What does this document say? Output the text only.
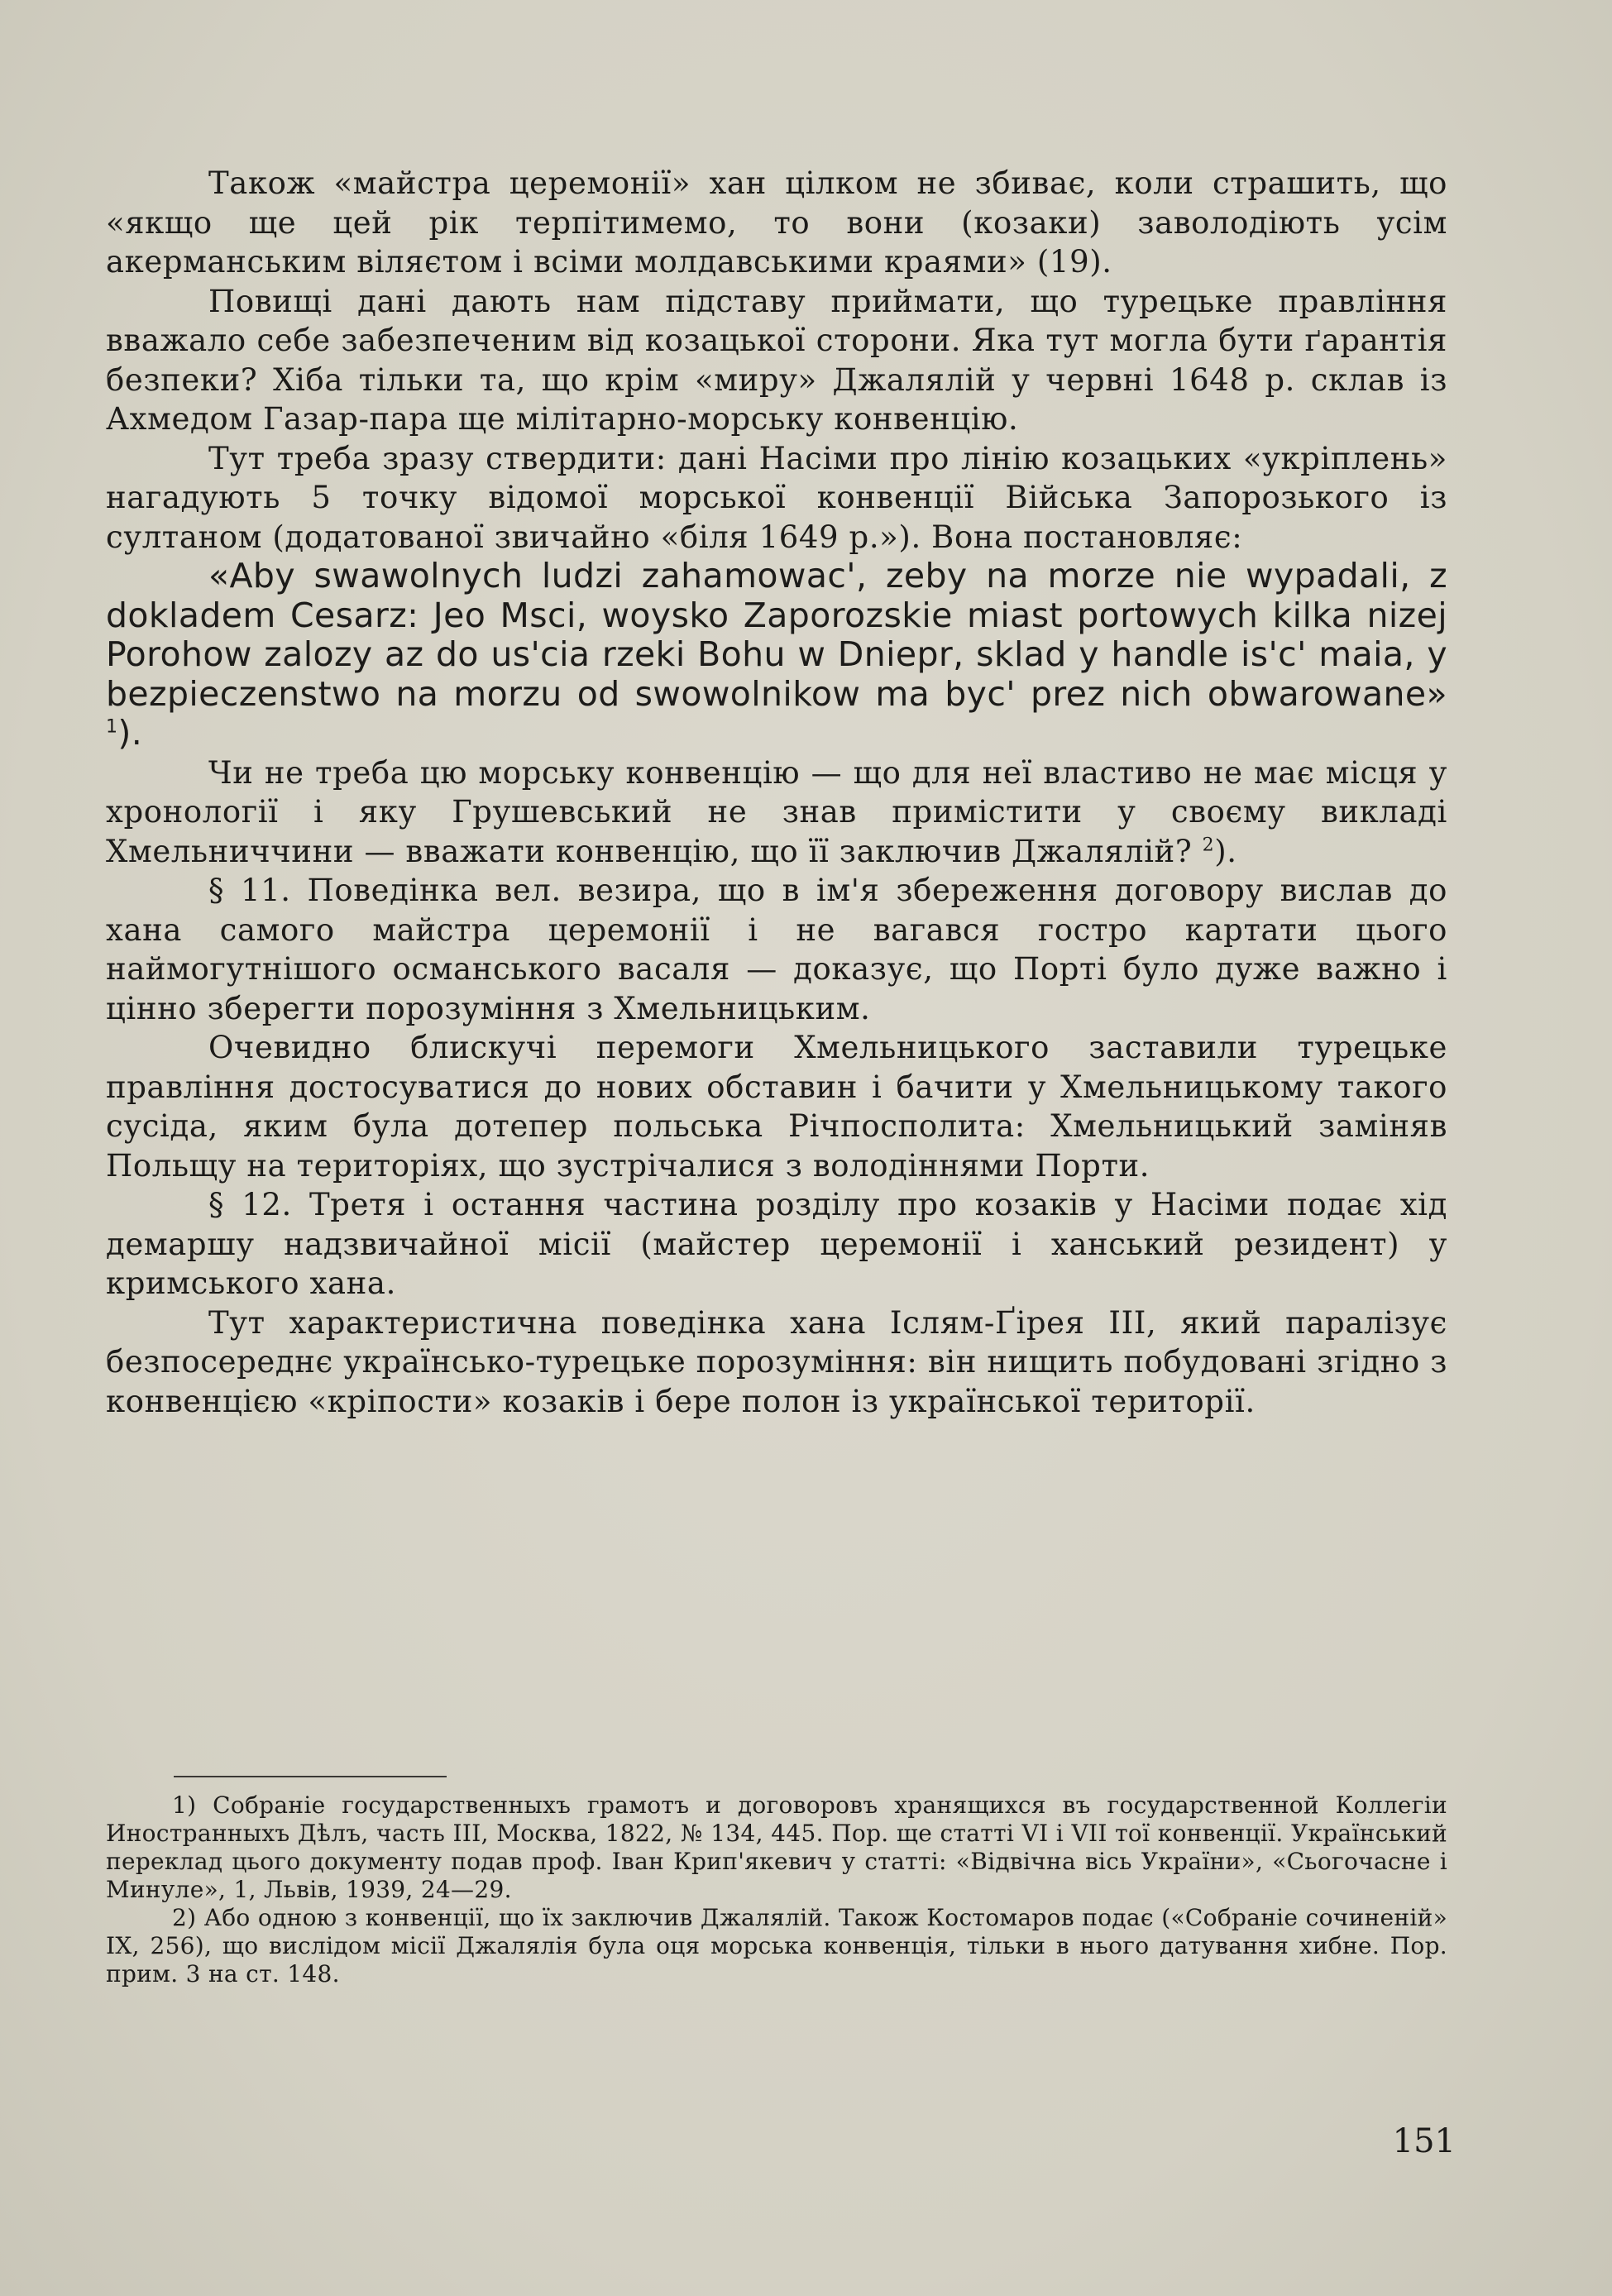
Також «майстра церемонії» хан цілком не збиває, коли страшить, що «якщо ще цей рік терпітимемо, то вони (козаки) заволодіють усім акерманським віляєтом і всіми молдавськими краями» (19).

Повищі дані дають нам підставу приймати, що турецьке правління вважало себе забезпеченим від козацької сторони. Яка тут могла бути ґарантія безпеки? Хіба тільки та, що крім «миру» Джалялій у червні 1648 р. склав із Ахмедом Газар-пара ще мілітарно-морську конвенцію.

Тут треба зразу ствердити: дані Насіми про лінію козацьких «укріплень» нагадують 5 точку відомої морської конвенції Війська Запорозького із султаном (додатованої звичайно «біля 1649 р.»). Вона постановляє:

«Aby swawolnych ludzi zahamowac', zeby na morze nie wypadali, z dokladem Cesarz: Jeo Msci, woysko Zaporozskie miast portowych kilka nizej Porohow zalozy az do us'cia rzeki Bohu w Dniepr, sklad y handle is'c' maia, y bezpieczenstwo na morzu od swowolnikow ma byc' prez nich obwarowane» $^1$).

Чи не треба цю морську конвенцію — що для неї властиво не має місця у хронології і яку Грушевський не знав примістити у своєму викладі Хмельниччини — вважати конвенцію, що її заключив Джалялій? $^2$).

§ 11. Поведінка вел. везира, що в ім'я збереження договору вислав до хана самого майстра церемонії і не вагався гостро картати цього наймогутнішого османського васаля — доказує, що Порті було дуже важно і цінно зберегти порозуміння з Хмельницьким.

Очевидно блискучі перемоги Хмельницького заставили турецьке правління достосуватися до нових обставин і бачити у Хмельницькому такого сусіда, яким була дотепер польська Річпосполита: Хмельницький заміняв Польщу на територіях, що зустрічалися з володіннями Порти.

§ 12. Третя і остання частина розділу про козаків у Насіми подає хід демаршу надзвичайної місії (майстер церемонії і ханський резидент) у кримського хана.

Тут характеристична поведінка хана Іслям-Ґірея III, який паралізує безпосереднє українсько-турецьке порозуміння: він нищить побудовані згідно з конвенцією «кріпости» козаків і бере полон із української території.

1) Собраніе государственныхъ грамотъ и договоровъ хранящихся въ государственной Коллегіи Иностранныхъ Дѣлъ, часть III, Москва, 1822, № 134, 445. Пор. ще статті VI і VII тої конвенції. Український переклад цього документу подав проф. Іван Крип'якевич у статті: «Відвічна вісь України», «Сьогочасне і Минуле», 1, Львів, 1939, 24—29.

2) Або одною з конвенції, що їх заключив Джалялій. Також Костомаров подає («Собраніе сочиненій» IX, 256), що вислідом місії Джалялія була оця морська конвенція, тільки в нього датування хибне. Пор. прим. 3 на ст. 148.

151
